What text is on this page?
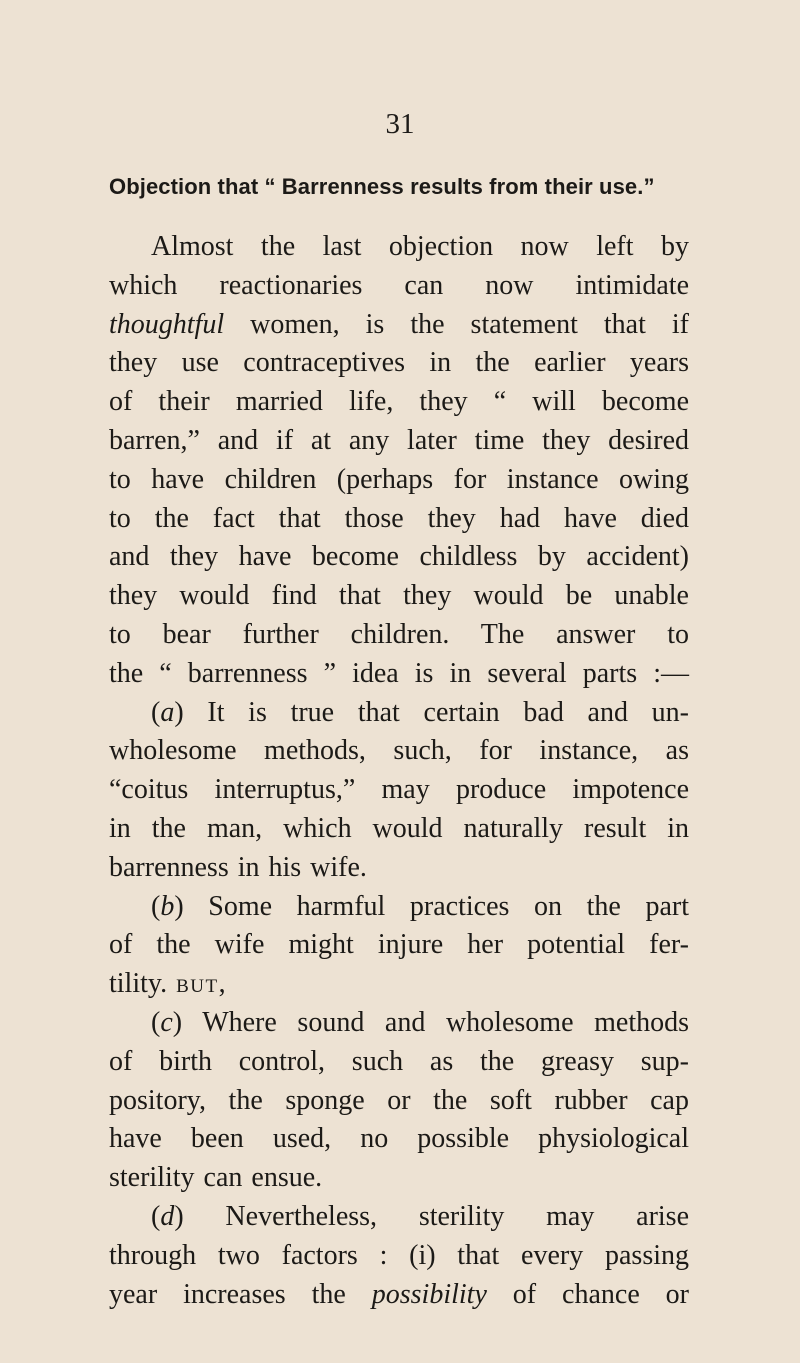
31
Objection that “ Barrenness results from their use.”
Almost the last objection now left by
which reactionaries can now intimidate
thoughtful women, is the statement that if
they use contraceptives in the earlier years
of their married life, they “ will become
barren,” and if at any later time they desired
to have children (perhaps for instance owing
to the fact that those they had have died
and they have become childless by accident)
they would find that they would be unable
to bear further children. The answer to
the “ barrenness ” idea is in several parts :—
(a) It is true that certain bad and un-
wholesome methods, such, for instance, as
“coitus interruptus,” may produce impotence
in the man, which would naturally result in
barrenness in his wife.
(b) Some harmful practices on the part
of the wife might injure her potential fer-
tility. BUT,
(c) Where sound and wholesome methods
of birth control, such as the greasy sup-
pository, the sponge or the soft rubber cap
have been used, no possible physiological
sterility can ensue.
(d) Nevertheless, sterility may arise
through two factors : (i) that every passing
year increases the possibility of chance or
